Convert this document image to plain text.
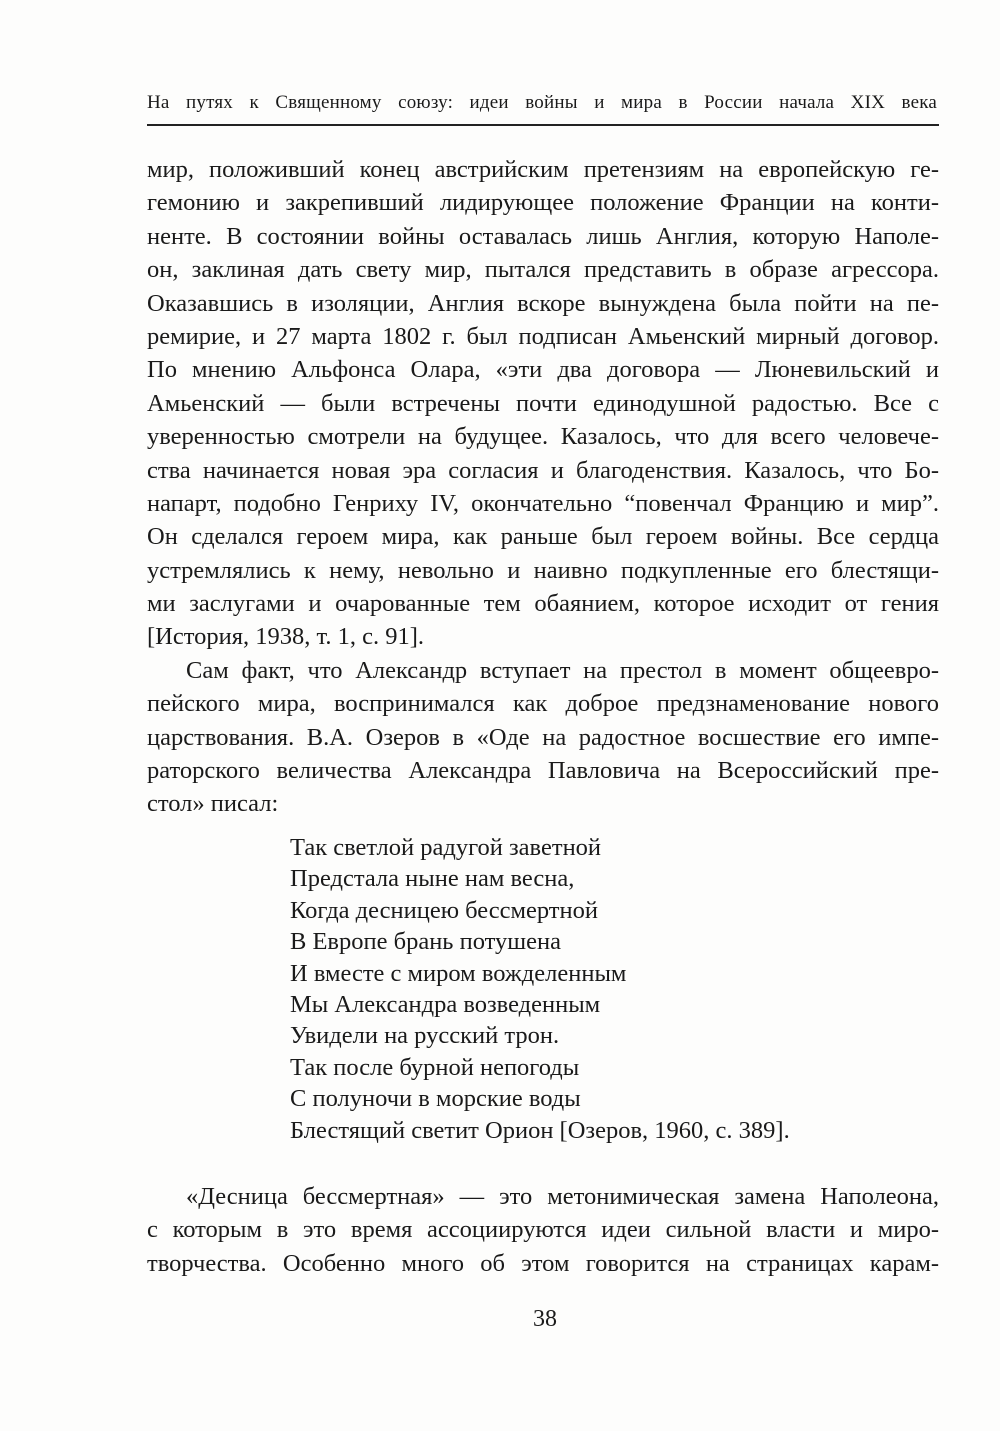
На путях к Священному союзу: идеи войны и мира в России начала XIX века
мир, положивший конец австрийским претензиям на европейскую ге-
гемонию и закрепивший лидирующее положение Франции на конти-
ненте. В состоянии войны оставалась лишь Англия, которую Наполе-
он, заклиная дать свету мир, пытался представить в образе агрессора.
Оказавшись в изоляции, Англия вскоре вынуждена была пойти на пе-
ремирие, и 27 марта 1802 г. был подписан Амьенский мирный договор.
По мнению Альфонса Олара, «эти два договора — Люневильский и
Амьенский — были встречены почти единодушной радостью. Все с
уверенностью смотрели на будущее. Казалось, что для всего человече-
ства начинается новая эра согласия и благоденствия. Казалось, что Бо-
напарт, подобно Генриху IV, окончательно “повенчал Францию и мир”.
Он сделался героем мира, как раньше был героем войны. Все сердца
устремлялись к нему, невольно и наивно подкупленные его блестящи-
ми заслугами и очарованные тем обаянием, которое исходит от гения
[История, 1938, т. 1, с. 91].
Сам факт, что Александр вступает на престол в момент общеевро-
пейского мира, воспринимался как доброе предзнаменование нового
царствования. В.А. Озеров в «Оде на радостное восшествие его импе-
раторского величества Александра Павловича на Всероссийский пре-
стол» писал:
Так светлой радугой заветной
Предстала ныне нам весна,
Когда десницею бессмертной
В Европе брань потушена
И вместе с миром вожделенным
Мы Александра возведенным
Увидели на русский трон.
Так после бурной непогоды
С полуночи в морские воды
Блестящий светит Орион [Озеров, 1960, с. 389].
«Десница бессмертная» — это метонимическая замена Наполеона,
с которым в это время ассоциируются идеи сильной власти и миро-
творчества. Особенно много об этом говорится на страницах карам-
38
